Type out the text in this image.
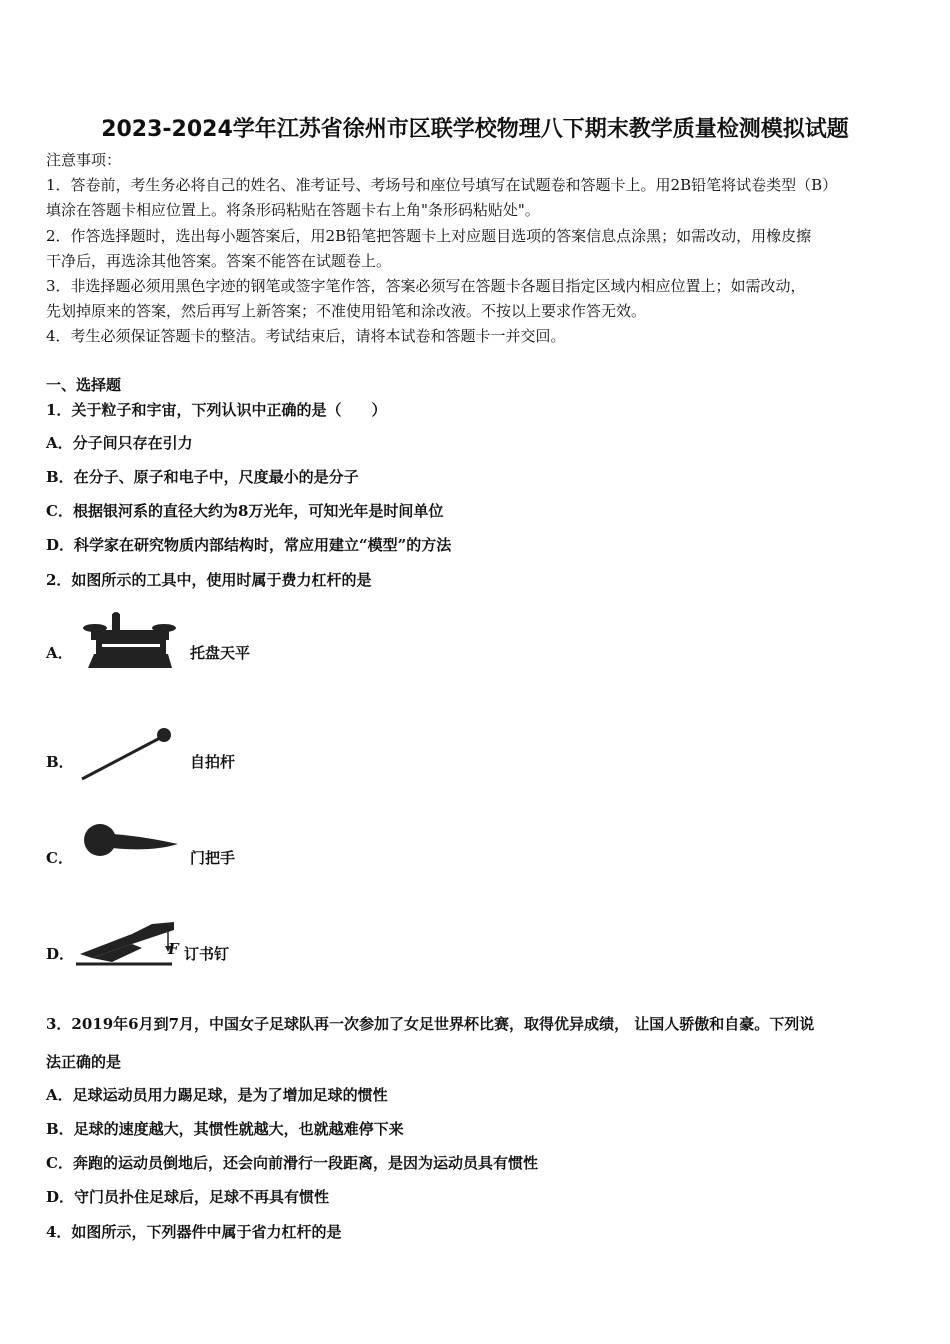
2023-2024学年江苏省徐州市区联学校物理八下期末教学质量检测模拟试题
注意事项：
1．答卷前，考生务必将自己的姓名、准考证号、考场号和座位号填写在试题卷和答题卡上。用2B铅笔将试卷类型（B）
填涂在答题卡相应位置上。将条形码粘贴在答题卡右上角"条形码粘贴处"。
2．作答选择题时，选出每小题答案后，用2B铅笔把答题卡上对应题目选项的答案信息点涂黑；如需改动，用橡皮擦
干净后，再选涂其他答案。答案不能答在试题卷上。
3．非选择题必须用黑色字迹的钢笔或签字笔作答，答案必须写在答题卡各题目指定区域内相应位置上；如需改动，
先划掉原来的答案，然后再写上新答案；不准使用铅笔和涂改液。不按以上要求作答无效。
4．考生必须保证答题卡的整洁。考试结束后，请将本试卷和答题卡一并交回。
一、选择题
1．关于粒子和宇宙，下列认识中正确的是（　　）
A．分子间只存在引力
B．在分子、原子和电子中，尺度最小的是分子
C．根据银河系的直径大约为8万光年，可知光年是时间单位
D．科学家在研究物质内部结构时，常应用建立“模型”的方法
2．如图所示的工具中，使用时属于费力杠杆的是
A．	托盘天平
B．	自拍杆
C．	门把手
D．	F 订书钉
3．2019年6月到7月，中国女子足球队再一次参加了女足世界杯比赛，取得优异成绩， 让国人骄傲和自豪。下列说
法正确的是
A．足球运动员用力踢足球，是为了增加足球的惯性
B．足球的速度越大，其惯性就越大，也就越难停下来
C．奔跑的运动员倒地后，还会向前滑行一段距离，是因为运动员具有惯性
D．守门员扑住足球后，足球不再具有惯性
4．如图所示，下列器件中属于省力杠杆的是
